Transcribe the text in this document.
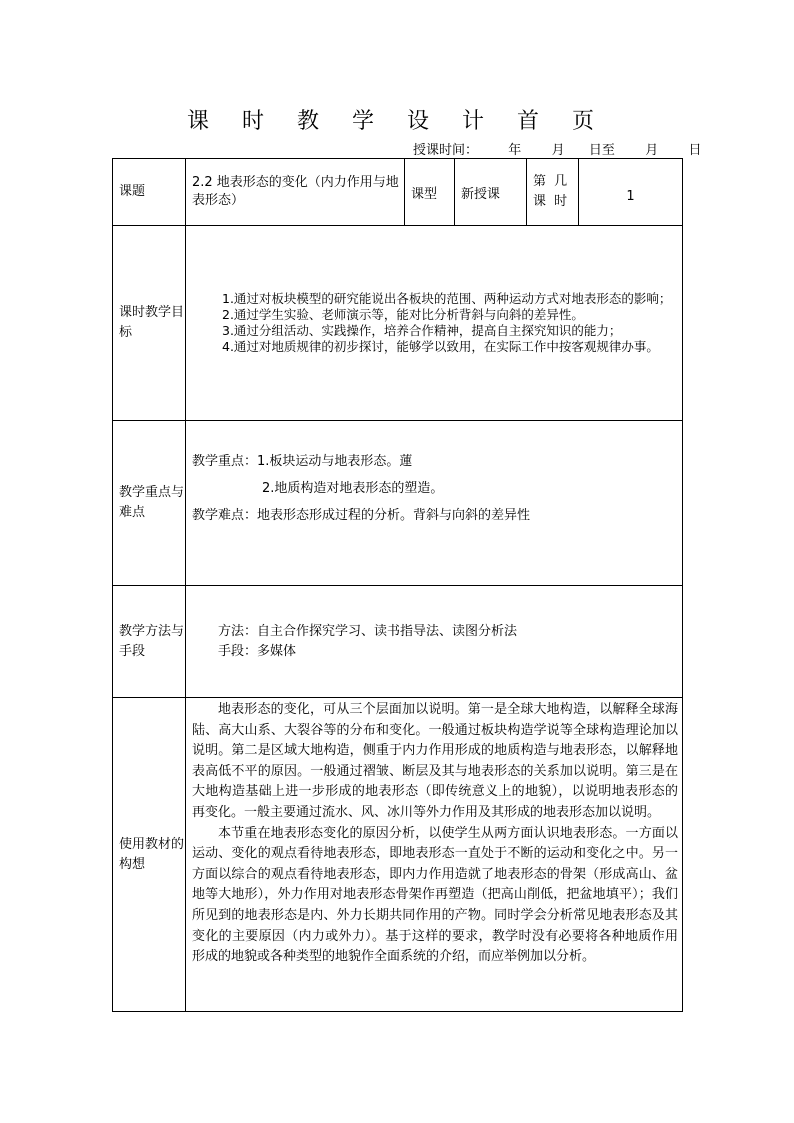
课 时 教 学 设 计 首 页
授课时间： 年 月 日至 月 日
课题	2.2 地表形态的变化（内力作用与地表形态）	课型	新授课	第 几 课 时	1
课时教学目标	1.通过对板块模型的研究能说出各板块的范围、两种运动方式对地表形态的影响；

2.通过学生实验、老师演示等，能对比分析背斜与向斜的差异性。

3.通过分组活动、实践操作，培养合作精神，提高自主探究知识的能力；

4.通过对地质规律的初步探讨，能够学以致用，在实际工作中按客观规律办事。				

教学重点与难点	教学重点：1.板块运动与地表形态。蓮

2.地质构造对地表形态的塑造。

教学难点：地表形态形成过程的分析。背斜与向斜的差异性				

教学方法与手段	方法：自主合作探究学习、读书指导法、读图分析法

手段：多媒体				

使用教材的构想	地表形态的变化，可从三个层面加以说明。第一是全球大地构造，以解释全球海陆、高大山系、大裂谷等的分布和变化。一般通过板块构造学说等全球构造理论加以说明。第二是区域大地构造，侧重于内力作用形成的地质构造与地表形态，以解释地表高低不平的原因。一般通过褶皱、断层及其与地表形态的关系加以说明。第三是在大地构造基础上进一步形成的地表形态（即传统意义上的地貌），以说明地表形态的再变化。一般主要通过流水、风、冰川等外力作用及其形成的地表形态加以说明。

本节重在地表形态变化的原因分析，以使学生从两方面认识地表形态。一方面以运动、变化的观点看待地表形态，即地表形态一直处于不断的运动和变化之中。另一方面以综合的观点看待地表形态，即内力作用造就了地表形态的骨架（形成高山、盆地等大地形），外力作用对地表形态骨架作再塑造（把高山削低，把盆地填平）；我们所见到的地表形态是内、外力长期共同作用的产物。同时学会分析常见地表形态及其变化的主要原因（内力或外力）。基于这样的要求，教学时没有必要将各种地质作用形成的地貌或各种类型的地貌作全面系统的介绍，而应举例加以分析。				
